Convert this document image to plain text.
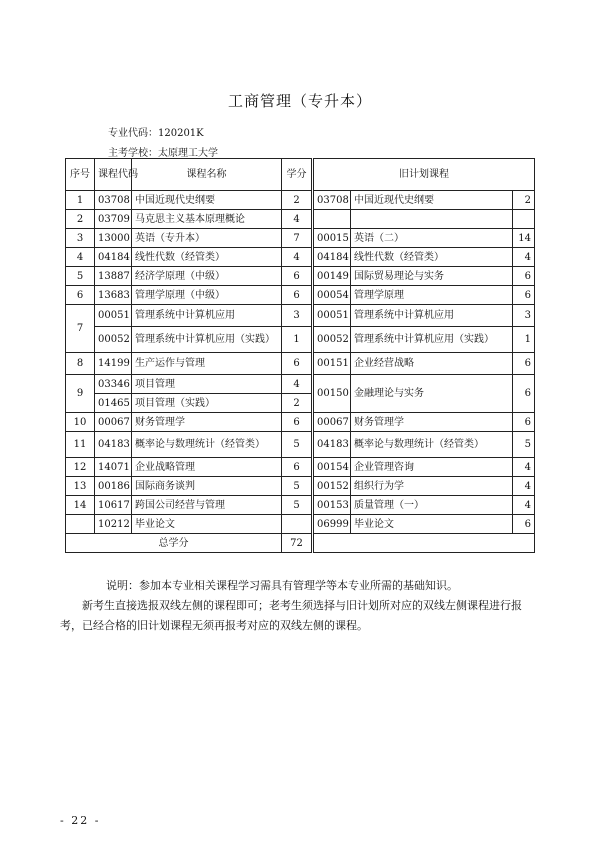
工商管理（专升本）
专业代码：120201K
主考学校：太原理工大学
序号	课程代码	课程名称	学分	旧计划课程		
1	03708	中国近现代史纲要	2	03708	中国近现代史纲要	2
2	03709	马克思主义基本原理概论	4			
3	13000	英语（专升本）	7	00015	英语（二）	14
4	04184	线性代数（经管类）	4	04184	线性代数（经管类）	4
5	13887	经济学原理（中级）	6	00149	国际贸易理论与实务	6
6	13683	管理学原理（中级）	6	00054	管理学原理	6
7	00051	管理系统中计算机应用	3	00051	管理系统中计算机应用	3
	00052	管理系统中计算机应用（实践）	1	00052	管理系统中计算机应用（实践）	1
8	14199	生产运作与管理	6	00151	企业经营战略	6
9	03346	项目管理	4	00150	金融理论与实务	6
	01465	项目管理（实践）	2			
10	00067	财务管理学	6	00067	财务管理学	6
11	04183	概率论与数理统计（经管类）	5	04183	概率论与数理统计（经管类）	5
12	14071	企业战略管理	6	00154	企业管理咨询	4
13	00186	国际商务谈判	5	00152	组织行为学	4
14	10617	跨国公司经营与管理	5	00153	质量管理（一）	4
	10212	毕业论文		06999	毕业论文	6
总学分			72			
说明：参加本专业相关课程学习需具有管理学等本专业所需的基础知识。

新考生直接选报双线左侧的课程即可；老考生须选择与旧计划所对应的双线左侧课程进行报考，已经合格的旧计划课程无须再报考对应的双线左侧的课程。

- 22 -
